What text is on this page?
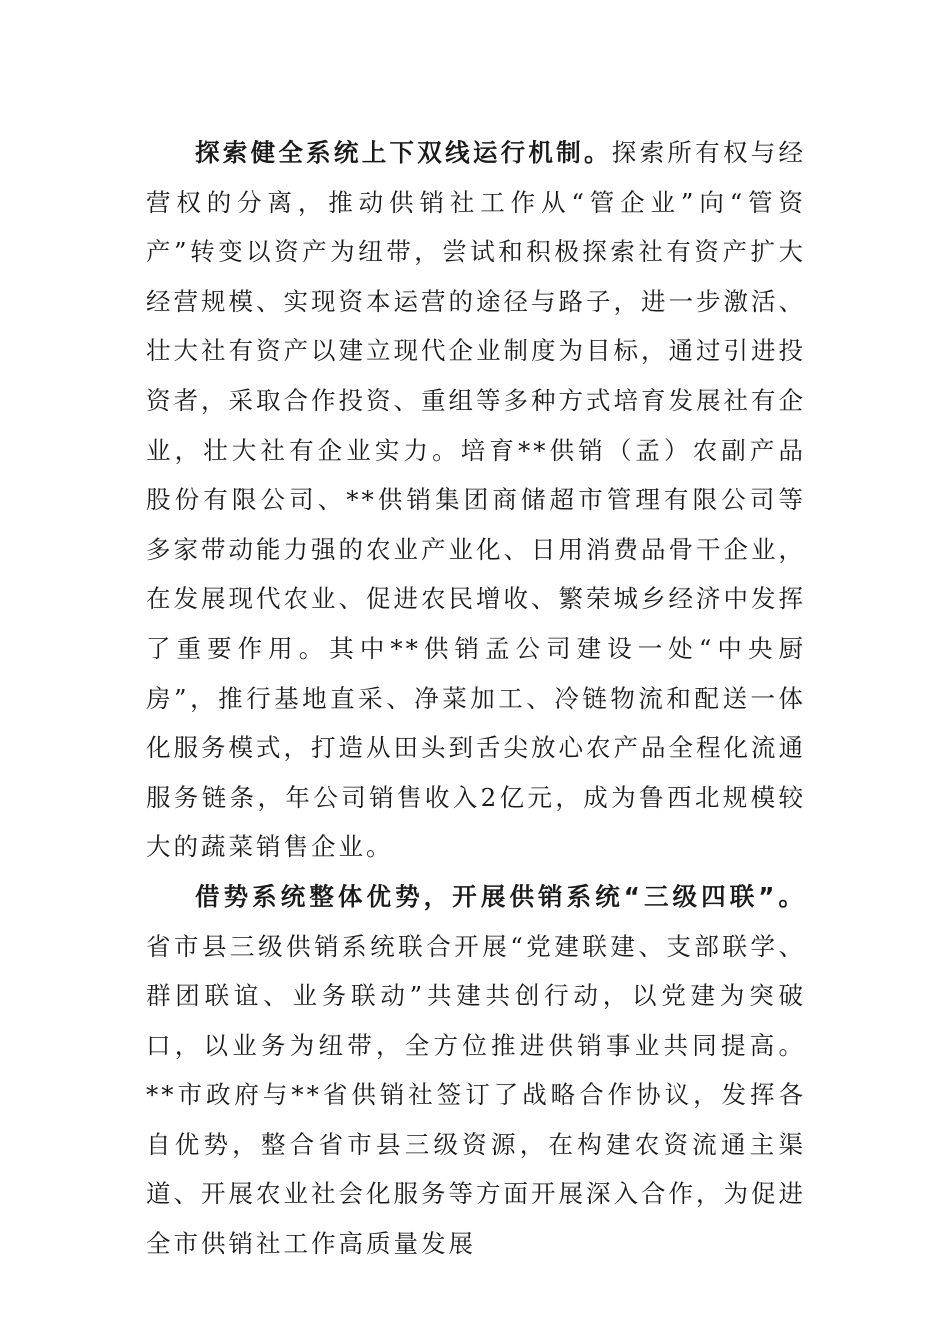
探索健全系统上下双线运行机制。探索所有权与经营权的分离，推动供销社工作从“管企业”向“管资产”转变以资产为纽带，尝试和积极探索社有资产扩大经营规模、实现资本运营的途径与路子，进一步激活、壮大社有资产以建立现代企业制度为目标，通过引进投资者，采取合作投资、重组等多种方式培育发展社有企业，壮大社有企业实力。培育**供销（孟）农副产品股份有限公司、**供销集团商储超市管理有限公司等多家带动能力强的农业产业化、日用消费品骨干企业，在发展现代农业、促进农民增收、繁荣城乡经济中发挥了重要作用。其中**供销孟公司建设一处“中央厨房”，推行基地直采、净菜加工、冷链物流和配送一体化服务模式，打造从田头到舌尖放心农产品全程化流通服务链条，年公司销售收入2亿元，成为鲁西北规模较大的蔬菜销售企业。

借势系统整体优势，开展供销系统“三级四联”。省市县三级供销系统联合开展“党建联建、支部联学、群团联谊、业务联动”共建共创行动，以党建为突破口，以业务为纽带，全方位推进供销事业共同提高。**市政府与**省供销社签订了战略合作协议，发挥各自优势，整合省市县三级资源，在构建农资流通主渠道、开展农业社会化服务等方面开展深入合作，为促进全市供销社工作高质量发展
